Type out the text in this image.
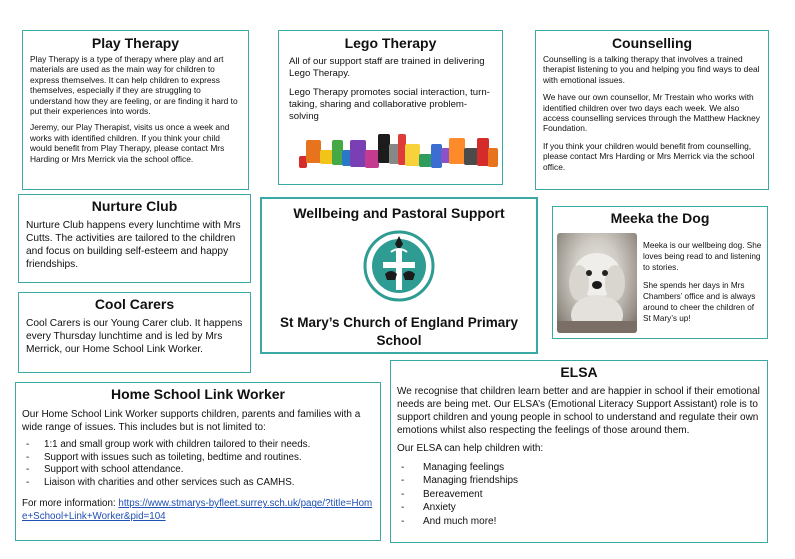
Play Therapy

Play Therapy is a type of therapy where play and art materials are used as the main way for children to express themselves. It can help children to express themselves, especially if they are struggling to understand how they are feeling, or are finding it hard to put their experiences into words.

Jeremy, our Play Therapist, visits us once a week and works with identified children. If you think your child would benefit from Play Therapy, please contact Mrs Harding or Mrs Merrick via the school office.

Lego Therapy

All of our support staff are trained in delivering Lego Therapy.

Lego Therapy promotes social interaction, turn-taking, sharing and collaborative problem-solving

Counselling

Counselling is a talking therapy that involves a trained therapist listening to you and helping you find ways to deal with emotional issues.

We have our own counsellor, Mr Trestain who works with identified children over two days each week. We also access counselling services through the Matthew Hackney Foundation.

If you think your children would benefit from counselling, please contact Mrs Harding or Mrs Merrick via the school office.

Nurture Club

Nurture Club happens every lunchtime with Mrs Cutts. The activities are tailored to the children and focus on building self-esteem and happy friendships.

Wellbeing and Pastoral Support
St Mary’s Church of England Primary School
Meeka the Dog

Meeka is our wellbeing dog. She loves being read to and listening to stories.

She spends her days in Mrs Chambers’ office and is always around to cheer the children of St Mary’s up!

Cool Carers

Cool Carers is our Young Carer club. It happens every Thursday lunchtime and is led by Mrs Merrick, our Home School Link Worker.

Home School Link Worker

Our Home School Link Worker supports children, parents and families with a wide range of issues. This includes but is not limited to:

- 1:1 and small group work with children tailored to their needs.
- Support with issues such as toileting, bedtime and routines.
- Support with school attendance.
- Liaison with charities and other services such as CAMHS.

For more information: https://www.stmarys-byfleet.surrey.sch.uk/page/?title=Home+School+Link+Worker&pid=104

ELSA

We recognise that children learn better and are happier in school if their emotional needs are being met. Our ELSA’s (Emotional Literacy Support Assistant) role is to support children and young people in school to understand and regulate their own emotions whilst also respecting the feelings of those around them.

Our ELSA can help children with:

- Managing feelings
- Managing friendships
- Bereavement
- Anxiety
- And much more!
